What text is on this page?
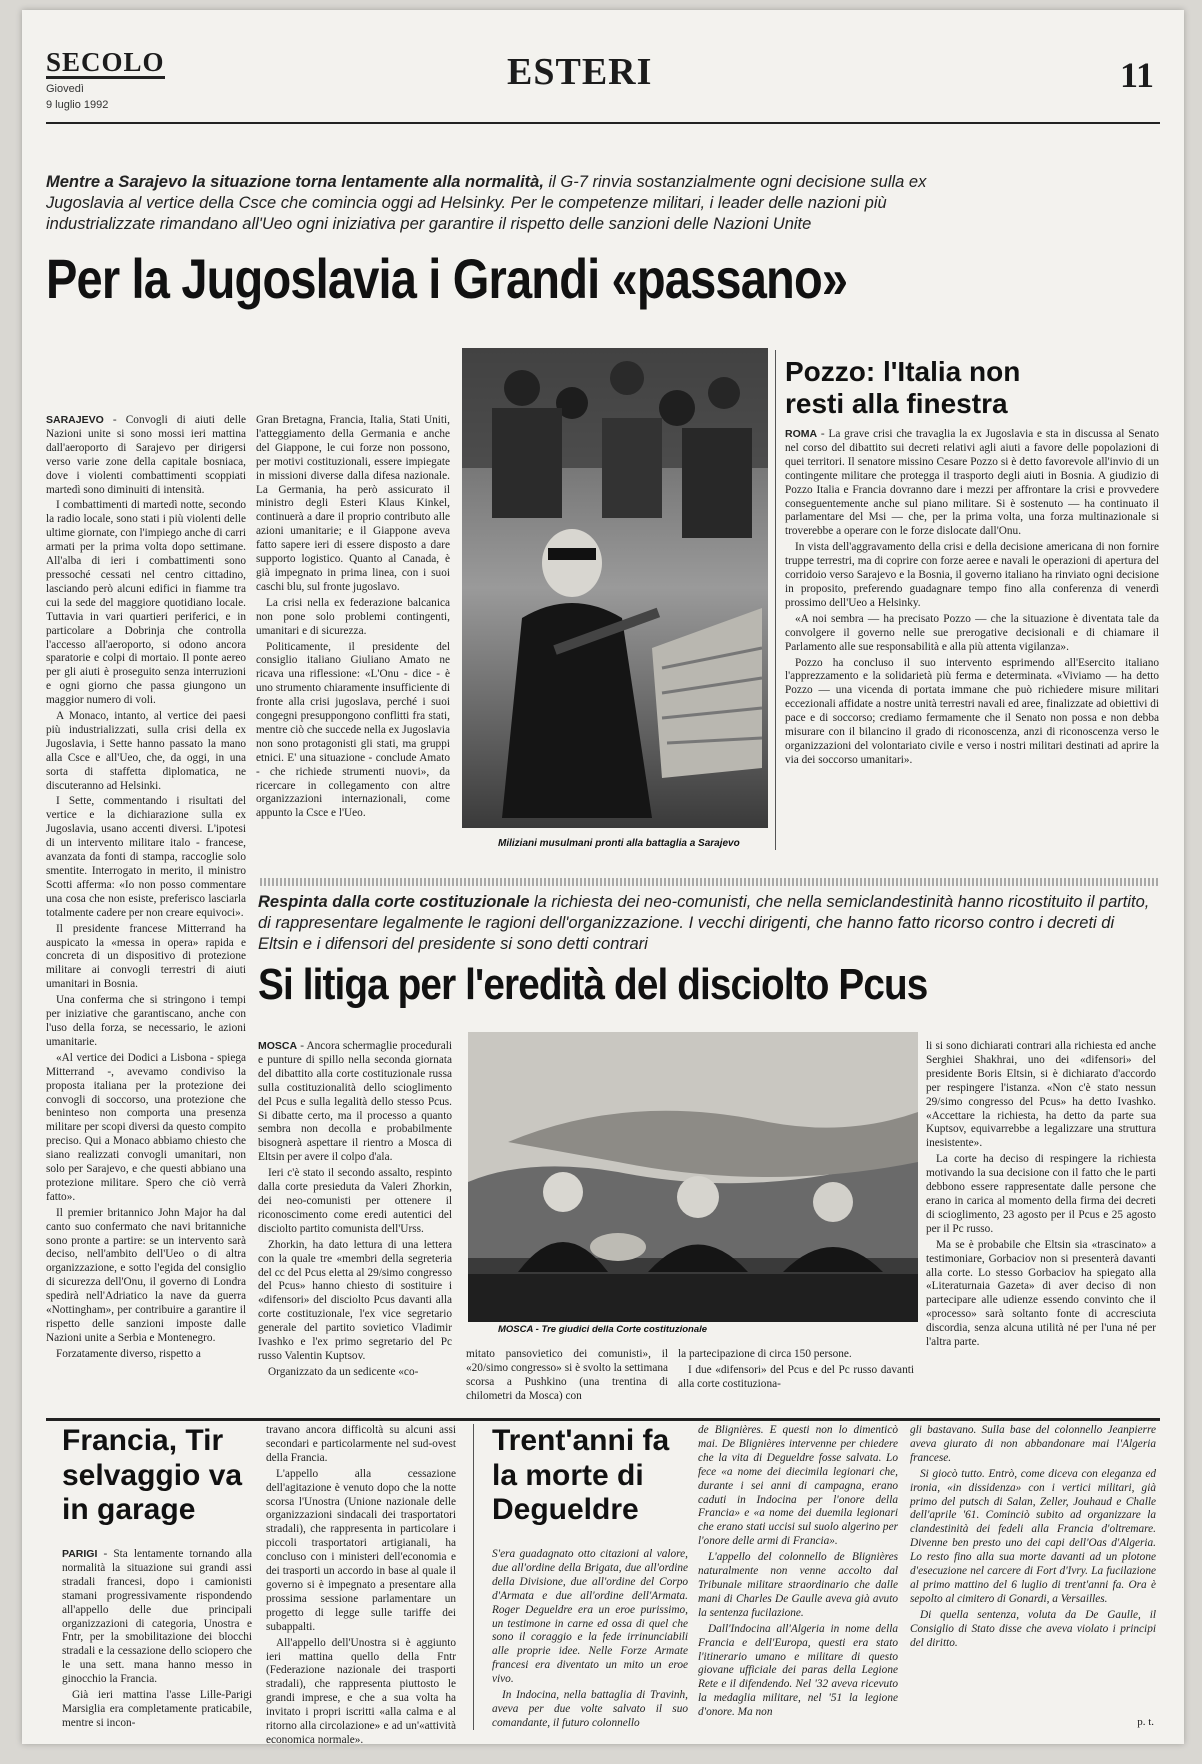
SECOLO
Giovedì
9 luglio 1992
ESTERI	11
Mentre a Sarajevo la situazione torna lentamente alla normalità, il G-7 rinvia sostanzialmente ogni decisione sulla ex Jugoslavia al vertice della Csce che comincia oggi ad Helsinky. Per le competenze militari, i leader delle nazioni più industrializzate rimandano all'Ueo ogni iniziativa per garantire il rispetto delle sanzioni delle Nazioni Unite
Per la Jugoslavia i Grandi «passano»

SARAJEVO - Convogli di aiuti delle Nazioni unite si sono mossi ieri mattina dall'aeroporto di Sarajevo per dirigersi verso varie zone della capitale bosniaca, dove i violenti combattimenti scoppiati martedì sono diminuiti di intensità.

I combattimenti di martedì notte, secondo la radio locale, sono stati i più violenti delle ultime giornate, con l'impiego anche di carri armati per la prima volta dopo settimane. All'alba di ieri i combattimenti sono pressoché cessati nel centro cittadino, lasciando però alcuni edifici in fiamme tra cui la sede del maggiore quotidiano locale. Tuttavia in vari quartieri periferici, e in particolare a Dobrinja che controlla l'accesso all'aeroporto, si odono ancora sparatorie e colpi di mortaio. Il ponte aereo per gli aiuti è proseguito senza interruzioni e ogni giorno che passa giungono un maggior numero di voli.

A Monaco, intanto, al vertice dei paesi più industrializzati, sulla crisi della ex Jugoslavia, i Sette hanno passato la mano alla Csce e all'Ueo, che, da oggi, in una sorta di staffetta diplomatica, ne discuteranno ad Helsinki.

I Sette, commentando i risultati del vertice e la dichiarazione sulla ex Jugoslavia, usano accenti diversi. L'ipotesi di un intervento militare italo - francese, avanzata da fonti di stampa, raccoglie solo smentite. Interrogato in merito, il ministro Scotti afferma: «Io non posso commentare una cosa che non esiste, preferisco lasciarla totalmente cadere per non creare equivoci».

Il presidente francese Mitterrand ha auspicato la «messa in opera» rapida e concreta di un dispositivo di protezione militare ai convogli terrestri di aiuti umanitari in Bosnia.

Una conferma che si stringono i tempi per iniziative che garantiscano, anche con l'uso della forza, se necessario, le azioni umanitarie.

«Al vertice dei Dodici a Lisbona - spiega Mitterrand -, avevamo condiviso la proposta italiana per la protezione dei convogli di soccorso, una protezione che beninteso non comporta una presenza militare per scopi diversi da questo compito preciso. Qui a Monaco abbiamo chiesto che siano realizzati convogli umanitari, non solo per Sarajevo, e che questi abbiano una protezione militare. Spero che ciò verrà fatto».

Il premier britannico John Major ha dal canto suo confermato che navi britanniche sono pronte a partire: se un intervento sarà deciso, nell'ambito dell'Ueo o di altra organizzazione, e sotto l'egida del consiglio di sicurezza dell'Onu, il governo di Londra spedirà nell'Adriatico la nave da guerra «Nottingham», per contribuire a garantire il rispetto delle sanzioni imposte dalle Nazioni unite a Serbia e Montenegro.

Forzatamente diverso, rispetto a

Gran Bretagna, Francia, Italia, Stati Uniti, l'atteggiamento della Germania e anche del Giappone, le cui forze non possono, per motivi costituzionali, essere impiegate in missioni diverse dalla difesa nazionale. La Germania, ha però assicurato il ministro degli Esteri Klaus Kinkel, continuerà a dare il proprio contributo alle azioni umanitarie; e il Giappone aveva fatto sapere ieri di essere disposto a dare supporto logistico. Quanto al Canada, è già impegnato in prima linea, con i suoi caschi blu, sul fronte jugoslavo.

La crisi nella ex federazione balcanica non pone solo problemi contingenti, umanitari e di sicurezza.

Politicamente, il presidente del consiglio italiano Giuliano Amato ne ricava una riflessione: «L'Onu - dice - è uno strumento chiaramente insufficiente di fronte alla crisi jugoslava, perché i suoi congegni presuppongono conflitti fra stati, mentre ciò che succede nella ex Jugoslavia non sono protagonisti gli stati, ma gruppi etnici. E' una situazione - conclude Amato - che richiede strumenti nuovi», da ricercare in collegamento con altre organizzazioni internazionali, come appunto la Csce e l'Ueo.

Miliziani musulmani pronti alla battaglia a Sarajevo
Pozzo: l'Italia non resti alla finestra

ROMA - La grave crisi che travaglia la ex Jugoslavia e sta in discussa al Senato nel corso del dibattito sui decreti relativi agli aiuti a favore delle popolazioni di quei territori. Il senatore missino Cesare Pozzo si è detto favorevole all'invio di un contingente militare che protegga il trasporto degli aiuti in Bosnia. A giudizio di Pozzo Italia e Francia dovranno dare i mezzi per affrontare la crisi e provvedere conseguentemente anche sul piano militare. Si è sostenuto — ha continuato il parlamentare del Msi — che, per la prima volta, una forza multinazionale si troverebbe a operare con le forze dislocate dall'Onu.

In vista dell'aggravamento della crisi e della decisione americana di non fornire truppe terrestri, ma di coprire con forze aeree e navali le operazioni di apertura del corridoio verso Sarajevo e la Bosnia, il governo italiano ha rinviato ogni decisione in proposito, preferendo guadagnare tempo fino alla conferenza di venerdì prossimo dell'Ueo a Helsinky.

«A noi sembra — ha precisato Pozzo — che la situazione è diventata tale da convolgere il governo nelle sue prerogative decisionali e di chiamare il Parlamento alle sue responsabilità e alla più attenta vigilanza».

Pozzo ha concluso il suo intervento esprimendo all'Esercito italiano l'apprezzamento e la solidarietà più ferma e determinata. «Viviamo — ha detto Pozzo — una vicenda di portata immane che può richiedere misure militari eccezionali affidate a nostre unità terrestri navali ed aree, finalizzate ad obiettivi di pace e di soccorso; crediamo fermamente che il Senato non possa e non debba misurare con il bilancino il grado di riconoscenza, anzi di riconoscenza verso le organizzazioni del volontariato civile e verso i nostri militari destinati ad aprire la via dei soccorso umanitari».

Respinta dalla corte costituzionale la richiesta dei neo-comunisti, che nella semiclandestinità hanno ricostituito il partito, di rappresentare legalmente le ragioni dell'organizzazione. I vecchi dirigenti, che hanno fatto ricorso contro i decreti di Eltsin e i difensori del presidente si sono detti contrari
Si litiga per l'eredità del disciolto Pcus

MOSCA - Ancora schermaglie procedurali e punture di spillo nella seconda giornata del dibattito alla corte costituzionale russa sulla costituzionalità dello scioglimento del Pcus e sulla legalità dello stesso Pcus. Si dibatte certo, ma il processo a quanto sembra non decolla e probabilmente bisognerà aspettare il rientro a Mosca di Eltsin per avere il colpo d'ala.

Ieri c'è stato il secondo assalto, respinto dalla corte presieduta da Valeri Zhorkin, dei neo-comunisti per ottenere il riconoscimento come eredi autentici del disciolto partito comunista dell'Urss.

Zhorkin, ha dato lettura di una lettera con la quale tre «membri della segreteria del cc del Pcus eletta al 29/simo congresso del Pcus» hanno chiesto di sostituire i «difensori» del disciolto Pcus davanti alla corte costituzionale, l'ex vice segretario generale del partito sovietico Vladimir Ivashko e l'ex primo segretario del Pc russo Valentin Kuptsov.

Organizzato da un sedicente «co-

MOSCA - Tre giudici della Corte costituzionale

mitato pansovietico dei comunisti», il «20/simo congresso» si è svolto la settimana scorsa a Pushkino (una trentina di chilometri da Mosca) con

la partecipazione di circa 150 persone.

I due «difensori» del Pcus e del Pc russo davanti alla corte costituziona-

li si sono dichiarati contrari alla richiesta ed anche Serghiei Shakhrai, uno dei «difensori» del presidente Boris Eltsin, si è dichiarato d'accordo per respingere l'istanza. «Non c'è stato nessun 29/simo congresso del Pcus» ha detto Ivashko. «Accettare la richiesta, ha detto da parte sua Kuptsov, equivarrebbe a legalizzare una struttura inesistente».

La corte ha deciso di respingere la richiesta motivando la sua decisione con il fatto che le parti debbono essere rappresentate dalle persone che erano in carica al momento della firma dei decreti di scioglimento, 23 agosto per il Pcus e 25 agosto per il Pc russo.

Ma se è probabile che Eltsin sia «trascinato» a testimoniare, Gorbaciov non si presenterà davanti alla corte. Lo stesso Gorbaciov ha spiegato alla «Literaturnaia Gazeta» di aver deciso di non partecipare alle udienze essendo convinto che il «processo» sarà soltanto fonte di accresciuta discordia, senza alcuna utilità né per l'una né per l'altra parte.

Francia, Tir selvaggio va in garage

PARIGI - Sta lentamente tornando alla normalità la situazione sui grandi assi stradali francesi, dopo i camionisti stamani progressivamente rispondendo all'appello delle due principali organizzazioni di categoria, Unostra e Fntr, per la smobilitazione dei blocchi stradali e la cessazione dello sciopero che le una sett. mana hanno messo in ginocchio la Francia.

Già ieri mattina l'asse Lille-Parigi Marsiglia era completamente praticabile, mentre si incon-

travano ancora difficoltà su alcuni assi secondari e particolarmente nel sud-ovest della Francia.

L'appello alla cessazione dell'agitazione è venuto dopo che la notte scorsa l'Unostra (Unione nazionale delle organizzazioni sindacali dei trasportatori stradali), che rappresenta in particolare i piccoli trasportatori artigianali, ha concluso con i ministeri dell'economia e dei trasporti un accordo in base al quale il governo si è impegnato a presentare alla prossima sessione parlamentare un progetto di legge sulle tariffe dei subappalti.

All'appello dell'Unostra si è aggiunto ieri mattina quello della Fntr (Federazione nazionale dei trasporti stradali), che rappresenta piuttosto le grandi imprese, e che a sua volta ha invitato i propri iscritti «alla calma e al ritorno alla circolazione» e ad un'«attività economica normale».

Trent'anni fa la morte di Degueldre

S'era guadagnato otto citazioni al valore, due all'ordine della Brigata, due all'ordine della Divisione, due all'ordine del Corpo d'Armata e due all'ordine dell'Armata. Roger Degueldre era un eroe purissimo, un testimone in carne ed ossa di quel che sono il coraggio e la fede irrinunciabili alle proprie idee. Nelle Forze Armate francesi era diventato un mito un eroe vivo.

In Indocina, nella battaglia di Travinh, aveva per due volte salvato il suo comandante, il futuro colonnello

de Blignières. E questi non lo dimenticò mai. De Blignières intervenne per chiedere che la vita di Degueldre fosse salvata. Lo fece «a nome dei diecimila legionari che, durante i sei anni di campagna, erano caduti in Indocina per l'onore della Francia» e «a nome dei duemila legionari che erano stati uccisi sul suolo algerino per l'onore delle armi di Francia».

L'appello del colonnello de Blignières naturalmente non venne accolto dal Tribunale militare straordinario che dalle mani di Charles De Gaulle aveva già avuto la sentenza fucilazione.

Dall'Indocina all'Algeria in nome della Francia e dell'Europa, questi era stato l'itinerario umano e militare di questo giovane ufficiale dei paras della Legione Rete e il difendendo. Nel '32 aveva ricevuto la medaglia militare, nel '51 la legione d'onore. Ma non

gli bastavano. Sulla base del colonnello Jeanpierre aveva giurato di non abbandonare mai l'Algeria francese.

Si giocò tutto. Entrò, come diceva con eleganza ed ironia, «in dissidenza» con i vertici militari, già primo del putsch di Salan, Zeller, Jouhaud e Challe dell'aprile '61. Cominciò subito ad organizzare la clandestinità dei fedeli alla Francia d'oltremare. Divenne ben presto uno dei capi dell'Oas d'Algeria. Lo resto fino alla sua morte davanti ad un plotone d'esecuzione nel carcere di Fort d'Ivry. La fucilazione al primo mattino del 6 luglio di trent'anni fa. Ora è sepolto al cimitero di Gonardi, a Versailles.

Di quella sentenza, voluta da De Gaulle, il Consiglio di Stato disse che aveva violato i principi del diritto.

p. t.
